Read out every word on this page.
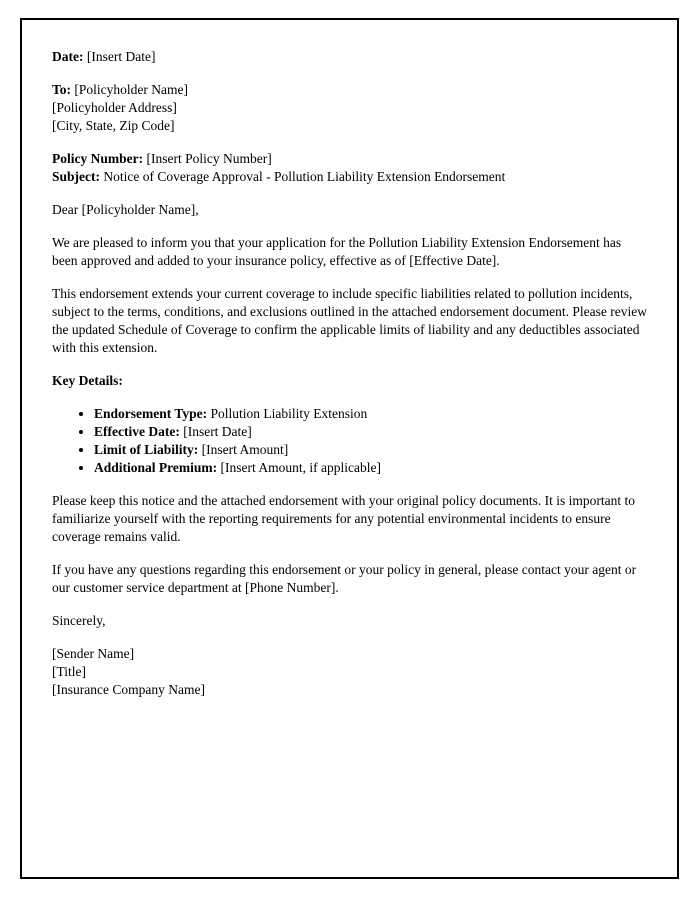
Date: [Insert Date]

To: [Policyholder Name]
[Policyholder Address]
[City, State, Zip Code]

Policy Number: [Insert Policy Number]
Subject: Notice of Coverage Approval - Pollution Liability Extension Endorsement

Dear [Policyholder Name],

We are pleased to inform you that your application for the Pollution Liability Extension Endorsement has been approved and added to your insurance policy, effective as of [Effective Date].

This endorsement extends your current coverage to include specific liabilities related to pollution incidents, subject to the terms, conditions, and exclusions outlined in the attached endorsement document. Please review the updated Schedule of Coverage to confirm the applicable limits of liability and any deductibles associated with this extension.

Key Details:

• Endorsement Type: Pollution Liability Extension
• Effective Date: [Insert Date]
• Limit of Liability: [Insert Amount]
• Additional Premium: [Insert Amount, if applicable]

Please keep this notice and the attached endorsement with your original policy documents. It is important to familiarize yourself with the reporting requirements for any potential environmental incidents to ensure coverage remains valid.

If you have any questions regarding this endorsement or your policy in general, please contact your agent or our customer service department at [Phone Number].

Sincerely,

[Sender Name]
[Title]
[Insurance Company Name]
